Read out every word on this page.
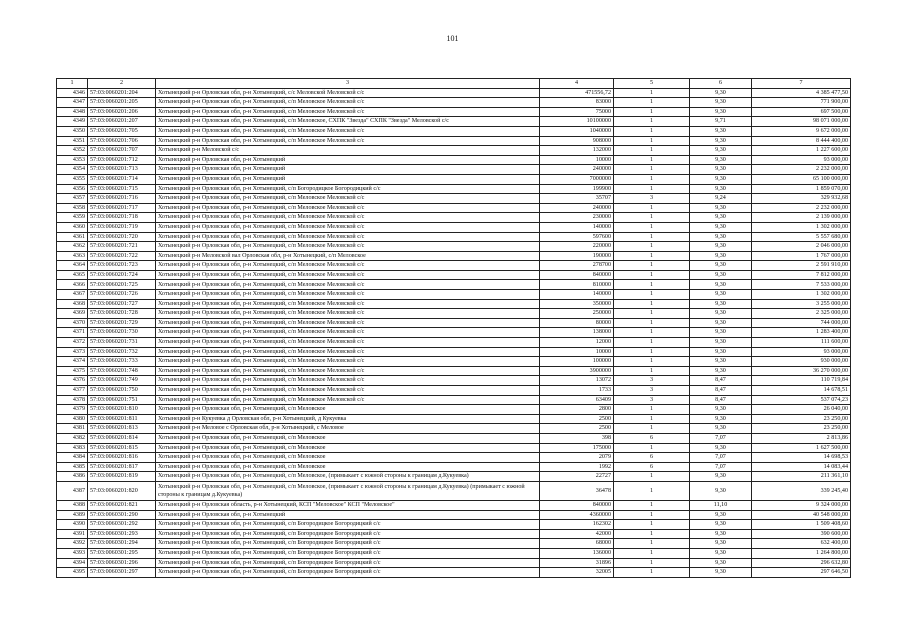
101
1	2	3	4	5	6	7
4346	57:03:0060201:204	Хотынецкий р-н Орловская обл, р-н Хотынецкий, с/с Меловской Меловской с/с	471556,72	1	9,30	4 385 477,50
4347	57:03:0060201:205	Хотынецкий р-н Орловская обл, р-н Хотынецкий, с/п Меловское Меловской с/с	83000	1	9,30	771 900,00
4348	57:03:0060201:206	Хотынецкий р-н Орловская обл, р-н Хотынецкий, с/п Меловское Меловской с/с	75000	1	9,30	697 500,00
4349	57:03:0060201:207	Хотынецкий р-н Орловская обл, р-н Хотынецкий, с/п Меловское, СХПК "Звезда" СХПК "Звезда" Меловской с/с	10100000	1	9,71	98 071 000,00
4350	57:03:0060201:705	Хотынецкий р-н Орловская обл, р-н Хотынецкий, с/п Меловское Меловской с/с	1040000	1	9,30	9 672 000,00
4351	57:03:0060201:706	Хотынецкий р-н Орловская обл, р-н Хотынецкий, с/п Меловское Меловской с/с	908000	1	9,30	8 444 400,00
4352	57:03:0060201:707	Хотынецкий р-н Меловской с/с	132000	1	9,30	1 227 600,00
4353	57:03:0060201:712	Хотынецкий р-н Орловская обл, р-н Хотынецкий	10000	1	9,30	93 000,00
4354	57:03:0060201:713	Хотынецкий р-н Орловская обл, р-н Хотынецкий	240000	1	9,30	2 232 000,00
4355	57:03:0060201:714	Хотынецкий р-н Орловская обл, р-н Хотынецкий	7000000	1	9,30	65 100 000,00
4356	57:03:0060201:715	Хотынецкий р-н Орловская обл, р-н Хотынецкий, с/п Богородицкое Богородицкий с/с	199900	1	9,30	1 859 070,00
4357	57:03:0060201:716	Хотынецкий р-н Орловская обл, р-н Хотынецкий, с/п Меловское Меловской с/с	35707	3	9,24	329 932,68
4358	57:03:0060201:717	Хотынецкий р-н Орловская обл, р-н Хотынецкий, с/п Меловское Меловской с/с	240000	1	9,30	2 232 000,00
4359	57:03:0060201:718	Хотынецкий р-н Орловская обл, р-н Хотынецкий, с/п Меловское Меловской с/с	230000	1	9,30	2 139 000,00
4360	57:03:0060201:719	Хотынецкий р-н Орловская обл, р-н Хотынецкий, с/п Меловское Меловской с/с	140000	1	9,30	1 302 000,00
4361	57:03:0060201:720	Хотынецкий р-н Орловская обл, р-н Хотынецкий, с/п Меловское Меловской с/с	597600	1	9,30	5 557 680,00
4362	57:03:0060201:721	Хотынецкий р-н Орловская обл, р-н Хотынецкий, с/п Меловское Меловской с/с	220000	1	9,30	2 046 000,00
4363	57:03:0060201:722	Хотынецкий р-н Меловской вал Орловская обл, р-н Хотынецкий, с/п Меловское	190000	1	9,30	1 767 000,00
4364	57:03:0060201:723	Хотынецкий р-н Орловская обл, р-н Хотынецкий, с/п Меловское Меловской с/с	278700	1	9,30	2 591 910,00
4365	57:03:0060201:724	Хотынецкий р-н Орловская обл, р-н Хотынецкий, с/п Меловское Меловской с/с	840000	1	9,30	7 812 000,00
4366	57:03:0060201:725	Хотынецкий р-н Орловская обл, р-н Хотынецкий, с/п Меловское Меловской с/с	810000	1	9,30	7 533 000,00
4367	57:03:0060201:726	Хотынецкий р-н Орловская обл, р-н Хотынецкий, с/п Меловское Меловской с/с	140000	1	9,30	1 302 000,00
4368	57:03:0060201:727	Хотынецкий р-н Орловская обл, р-н Хотынецкий, с/п Меловское Меловской с/с	350000	1	9,30	3 255 000,00
4369	57:03:0060201:728	Хотынецкий р-н Орловская обл, р-н Хотынецкий, с/п Меловское Меловской с/с	250000	1	9,30	2 325 000,00
4370	57:03:0060201:729	Хотынецкий р-н Орловская обл, р-н Хотынецкий, с/п Меловское Меловской с/с	80000	1	9,30	744 000,00
4371	57:03:0060201:730	Хотынецкий р-н Орловская обл, р-н Хотынецкий, с/п Меловское Меловской с/с	138000	1	9,30	1 283 400,00
4372	57:03:0060201:731	Хотынецкий р-н Орловская обл, р-н Хотынецкий, с/п Меловское Меловской с/с	12000	1	9,30	111 600,00
4373	57:03:0060201:732	Хотынецкий р-н Орловская обл, р-н Хотынецкий, с/п Меловское Меловской с/с	10000	1	9,30	93 000,00
4374	57:03:0060201:733	Хотынецкий р-н Орловская обл, р-н Хотынецкий, с/п Меловское Меловской с/с	100000	1	9,30	930 000,00
4375	57:03:0060201:748	Хотынецкий р-н Орловская обл, р-н Хотынецкий, с/п Меловское Меловской с/с	3900000	1	9,30	36 270 000,00
4376	57:03:0060201:749	Хотынецкий р-н Орловская обл, р-н Хотынецкий, с/п Меловское Меловской с/с	13072	3	8,47	110 719,84
4377	57:03:0060201:750	Хотынецкий р-н Орловская обл, р-н Хотынецкий, с/п Меловское Меловской с/с	1733	3	8,47	14 678,51
4378	57:03:0060201:751	Хотынецкий р-н Орловская обл, р-н Хотынецкий, с/п Меловское Меловской с/с	63409	3	8,47	537 074,23
4379	57:03:0060201:810	Хотынецкий р-н Орловская обл, р-н Хотынецкий, с/п Меловское	2800	1	9,30	26 040,00
4380	57:03:0060201:811	Хотынецкий р-н Кукуевка д Орловская обл, р-н Хотынецкий, д Кукуевка	2500	1	9,30	23 250,00
4381	57:03:0060201:813	Хотынецкий р-н Мелoвое с Орловская обл, р-н Хотынецкий, с Меловое	2500	1	9,30	23 250,00
4382	57:03:0060201:814	Хотынецкий р-н Орловская обл, р-н Хотынецкий, с/п Меловское	398	6	7,07	2 813,86
4383	57:03:0060201:815	Хотынецкий р-н Орловская обл, р-н Хотынецкий, с/п Меловское	175000	1	9,30	1 627 500,00
4384	57:03:0060201:816	Хотынецкий р-н Орловская обл, р-н Хотынецкий, с/п Меловское	2079	6	7,07	14 698,53
4385	57:03:0060201:817	Хотынецкий р-н Орловская обл, р-н Хотынецкий, с/п Меловское	1992	6	7,07	14 083,44
4386	57:03:0060201:819	Хотынецкий р-н Орловская обл, р-н Хотынецкий, с/п Меловское, (примыкает с южной стороны к границам д.Кукуевка)	22727	1	9,30	211 361,10
4387	57:03:0060201:820	Хотынецкий р-н Орловская обл, р-н Хотынецкий, с/п Меловское, (примыкает с южной стороны к границам д.Кукуевка) (примыкает с южной стороны к границам д.Кукуевка)	36478	1	9,30	339 245,40
4388	57:03:0060201:821	Хотынецкий р-н Орловская область, р-н Хотынецкий, КСП "Меловское" КСП "Меловское"	840000	1	11,10	9 324 000,00
4389	57:03:0060301:290	Хотынецкий р-н Орловская обл, р-н Хотынецкий	4360000	1	9,30	40 548 000,00
4390	57:03:0060301:292	Хотынецкий р-н Орловская обл, р-н Хотынецкий, с/п Богородицкое Богородицкий с/с	162302	1	9,30	1 509 408,60
4391	57:03:0060301:293	Хотынецкий р-н Орловская обл, р-н Хотынецкий, с/п Богородицкое Богородицкий с/с	42000	1	9,30	390 600,00
4392	57:03:0060301:294	Хотынецкий р-н Орловская обл, р-н Хотынецкий, с/п Богородицкое Богородицкий с/с	68000	1	9,30	632 400,00
4393	57:03:0060301:295	Хотынецкий р-н Орловская обл, р-н Хотынецкий, с/п Богородицкое Богородицкий с/с	136000	1	9,30	1 264 800,00
4394	57:03:0060301:296	Хотынецкий р-н Орловская обл, р-н Хотынецкий, с/п Богородицкое Богородицкий с/с	31896	1	9,30	296 632,80
4395	57:03:0060301:297	Хотынецкий р-н Орловская обл, р-н Хотынецкий, с/п Богородицкое Богородицкий с/с	32005	1	9,30	297 646,50
